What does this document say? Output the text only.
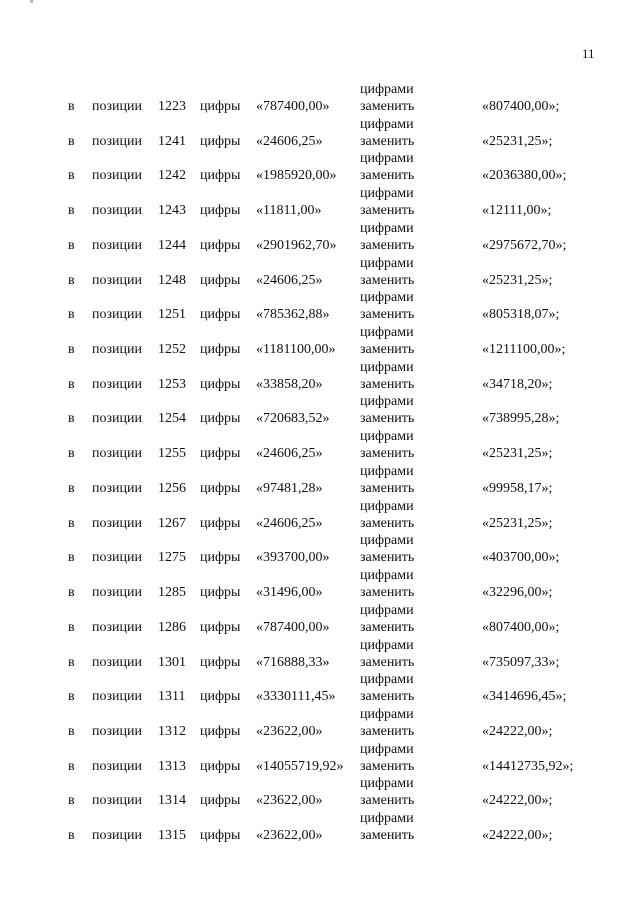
11
в позиции 1223 цифры «787400,00»
цифрами
заменить	«807400,00»;
в позиции 1241 цифры «24606,25»
цифрами
заменить	«25231,25»;
в позиции 1242 цифры «1985920,00»
цифрами
заменить	«2036380,00»;
в позиции 1243 цифры «11811,00»
цифрами
заменить	«12111,00»;
в позиции 1244 цифры «2901962,70»
цифрами
заменить	«2975672,70»;
в позиции 1248 цифры «24606,25»
цифрами
заменить	«25231,25»;
в позиции 1251 цифры «785362,88»
цифрами
заменить	«805318,07»;
в позиции 1252 цифры «1181100,00»
цифрами
заменить	«1211100,00»;
в позиции 1253 цифры «33858,20»
цифрами
заменить	«34718,20»;
в позиции 1254 цифры «720683,52»
цифрами
заменить	«738995,28»;
в позиции 1255 цифры «24606,25»
цифрами
заменить	«25231,25»;
в позиции 1256 цифры «97481,28»
цифрами
заменить	«99958,17»;
в позиции 1267 цифры «24606,25»
цифрами
заменить	«25231,25»;
в позиции 1275 цифры «393700,00»
цифрами
заменить	«403700,00»;
в позиции 1285 цифры «31496,00»
цифрами
заменить	«32296,00»;
в позиции 1286 цифры «787400,00»
цифрами
заменить	«807400,00»;
в позиции 1301 цифры «716888,33»
цифрами
заменить	«735097,33»;
в позиции 1311 цифры «3330111,45»
цифрами
заменить	«3414696,45»;
в позиции 1312 цифры «23622,00»
цифрами
заменить	«24222,00»;
в позиции 1313 цифры «14055719,92»
цифрами
заменить	«14412735,92»;
в позиции 1314 цифры «23622,00»
цифрами
заменить	«24222,00»;
в позиции 1315 цифры «23622,00»
цифрами
заменить	«24222,00»;
